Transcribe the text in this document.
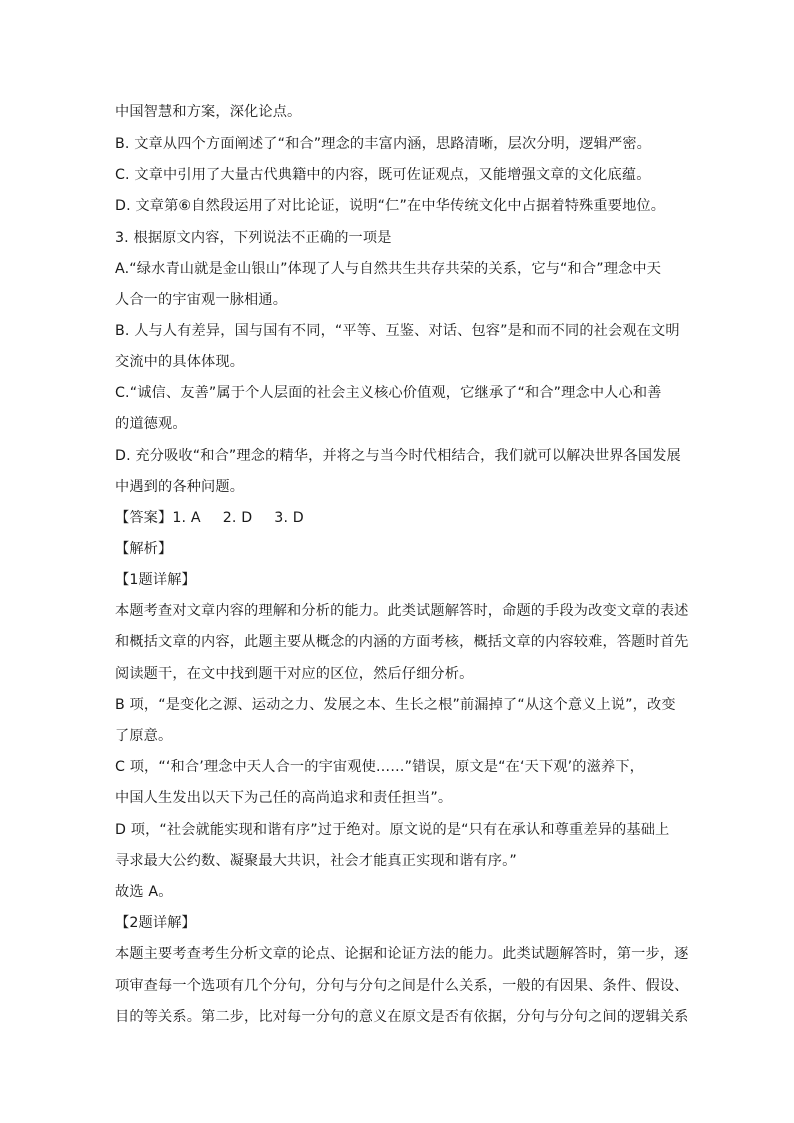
中国智慧和方案，深化论点。
B. 文章从四个方面阐述了“和合”理念的丰富内涵，思路清晰，层次分明，逻辑严密。
C. 文章中引用了大量古代典籍中的内容，既可佐证观点，又能增强文章的文化底蕴。
D. 文章第⑥自然段运用了对比论证，说明“仁”在中华传统文化中占据着特殊重要地位。
3. 根据原文内容，下列说法不正确的一项是
A.“绿水青山就是金山银山”体现了人与自然共生共存共荣的关系，它与“和合”理念中天
人合一的宇宙观一脉相通。
B. 人与人有差异，国与国有不同，“平等、互鉴、对话、包容”是和而不同的社会观在文明
交流中的具体体现。
C.“诚信、友善”属于个人层面的社会主义核心价值观，它继承了“和合”理念中人心和善
的道德观。
D. 充分吸收“和合”理念的精华，并将之与当今时代相结合，我们就可以解决世界各国发展
中遇到的各种问题。
【答案】1. A 2. D 3. D
【解析】
【1题详解】
本题考查对文章内容的理解和分析的能力。此类试题解答时，命题的手段为改变文章的表述
和概括文章的内容，此题主要从概念的内涵的方面考核，概括文章的内容较难，答题时首先
阅读题干，在文中找到题干对应的区位，然后仔细分析。
B 项，“是变化之源、运动之力、发展之本、生长之根”前漏掉了“从这个意义上说”，改变
了原意。
C 项，“‘和合’理念中天人合一的宇宙观使……”错误，原文是“在‘天下观’的滋养下，
中国人生发出以天下为己任的高尚追求和责任担当”。
D 项，“社会就能实现和谐有序”过于绝对。原文说的是“只有在承认和尊重差异的基础上
寻求最大公约数、凝聚最大共识，社会才能真正实现和谐有序。”
故选 A。
【2题详解】
本题主要考查考生分析文章的论点、论据和论证方法的能力。此类试题解答时，第一步，逐
项审查每一个选项有几个分句，分句与分句之间是什么关系，一般的有因果、条件、假设、
目的等关系。第二步，比对每一分句的意义在原文是否有依据，分句与分句之间的逻辑关系
